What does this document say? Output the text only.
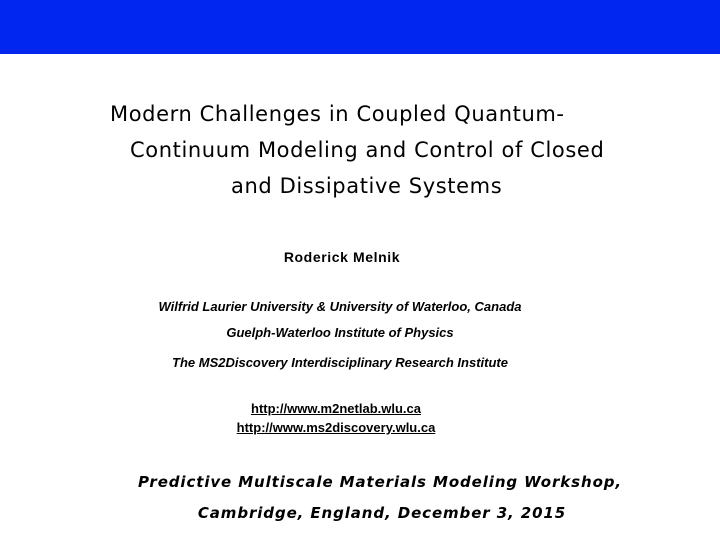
Modern Challenges in Coupled Quantum-
Continuum Modeling and Control of Closed
and Dissipative Systems
Roderick Melnik
Wilfrid Laurier University & University of Waterloo, Canada
Guelph-Waterloo Institute of Physics
The MS2Discovery Interdisciplinary Research Institute
http://www.m2netlab.wlu.ca
http://www.ms2discovery.wlu.ca
Predictive Multiscale Materials Modeling Workshop,
Cambridge, England, December 3, 2015
